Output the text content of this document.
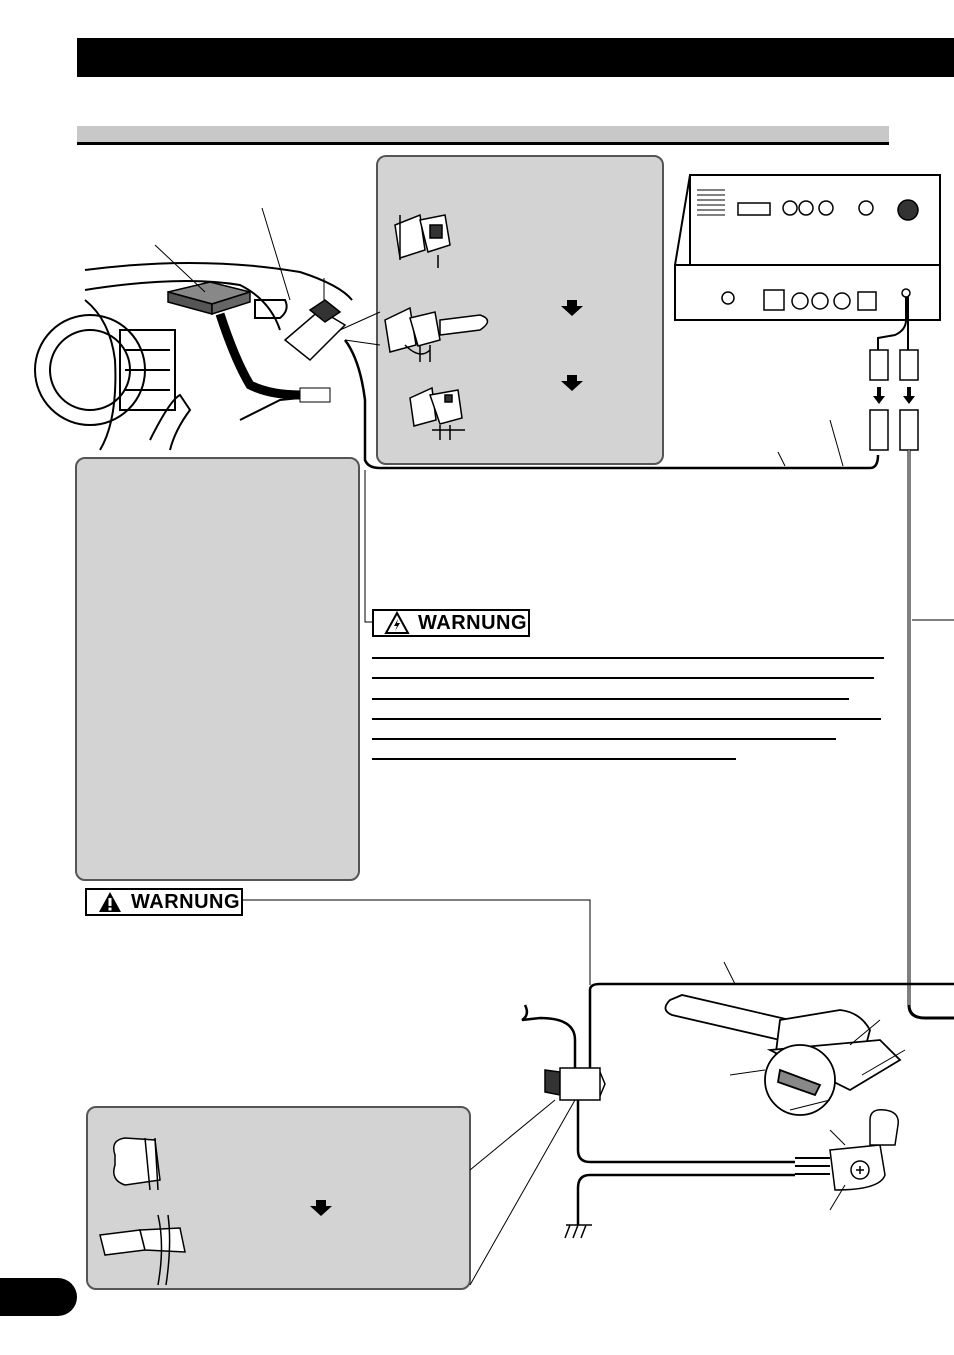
WARNUNG
WARNUNG
